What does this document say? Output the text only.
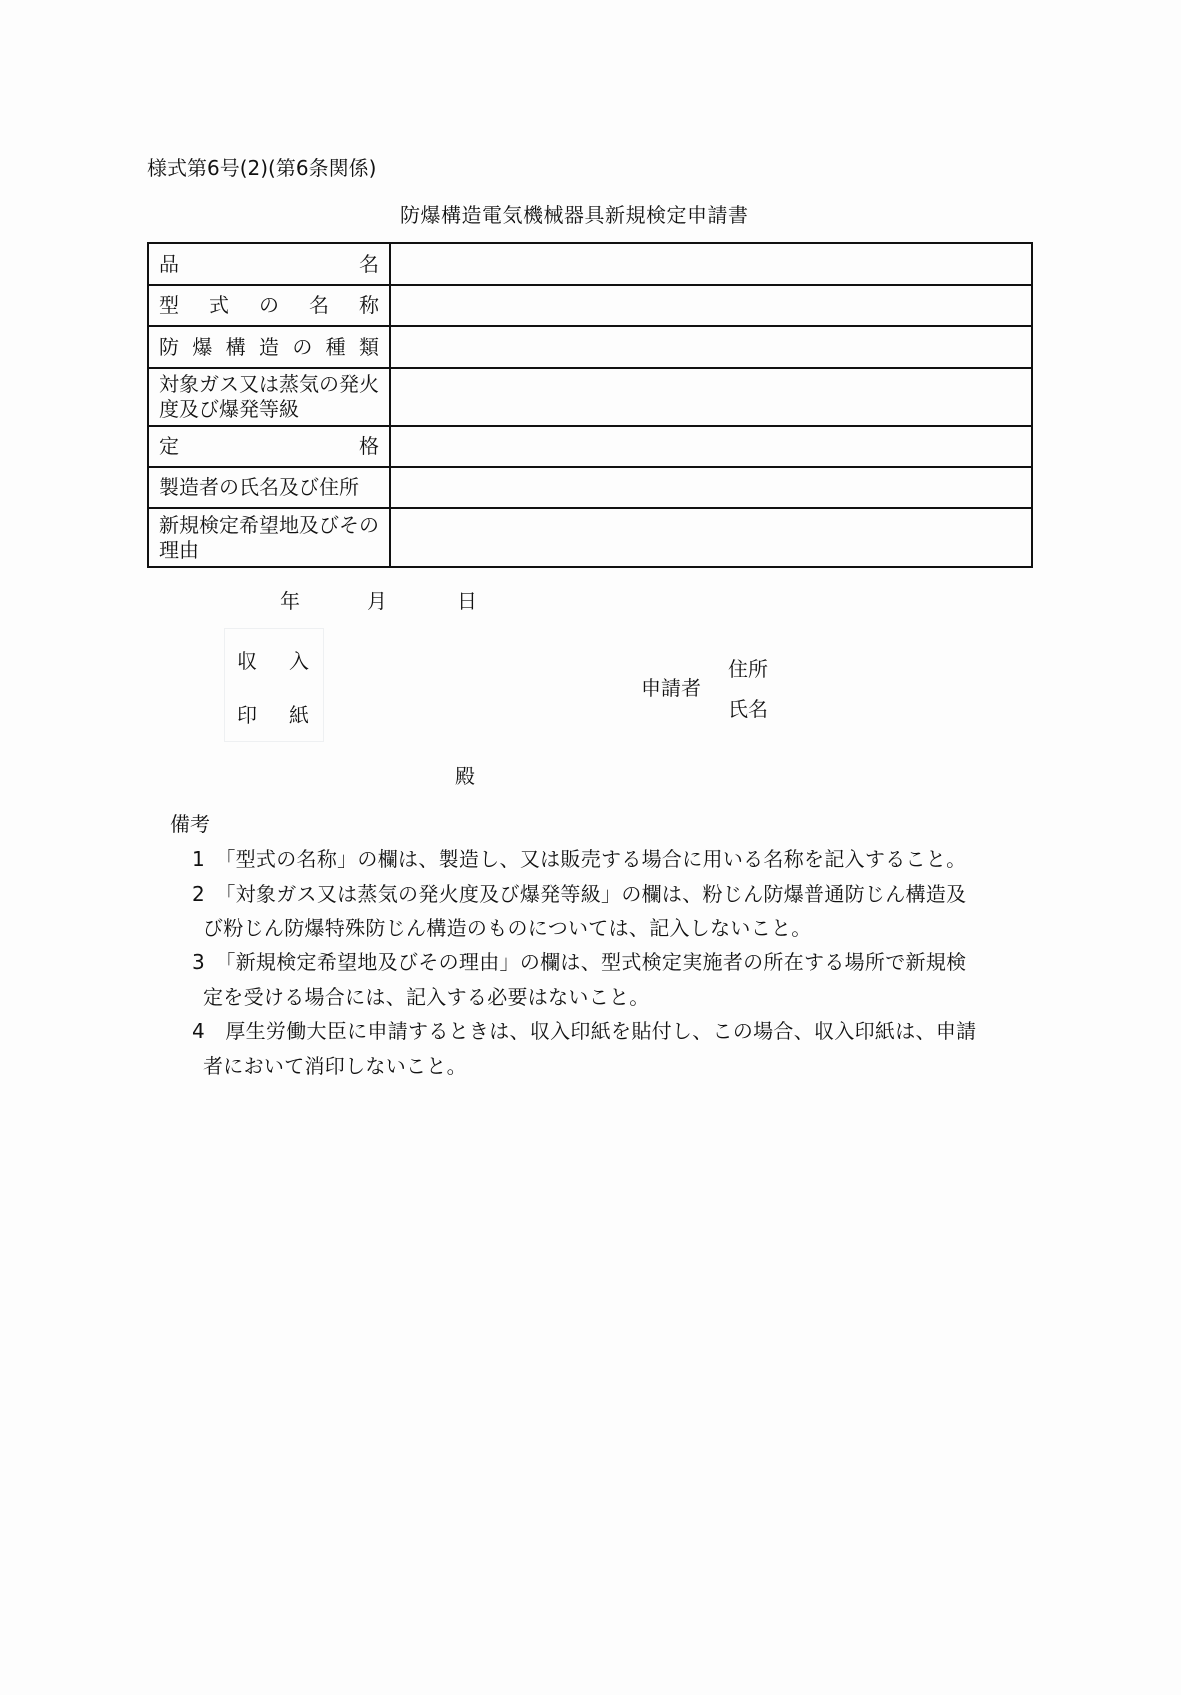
様式第6号(2)(第6条関係)
防爆構造電気機械器具新規検定申請書
品名	
型式の名称	
防爆構造の種類	
対象ガス又は蒸気の発火度及び爆発等級	
定格	
製造者の氏名及び住所	
新規検定希望地及びその理由	
年	月	日
収 入
印 紙
申請者
住所
氏名
殿
備考
1　「型式の名称」の欄は、製造し、又は販売する場合に用いる名称を記入すること。
2　「対象ガス又は蒸気の発火度及び爆発等級」の欄は、粉じん防爆普通防じん構造及
び粉じん防爆特殊防じん構造のものについては、記入しないこと。
3　「新規検定希望地及びその理由」の欄は、型式検定実施者の所在する場所で新規検
定を受ける場合には、記入する必要はないこと。
4　厚生労働大臣に申請するときは、収入印紙を貼付し、この場合、収入印紙は、申請
者において消印しないこと。
